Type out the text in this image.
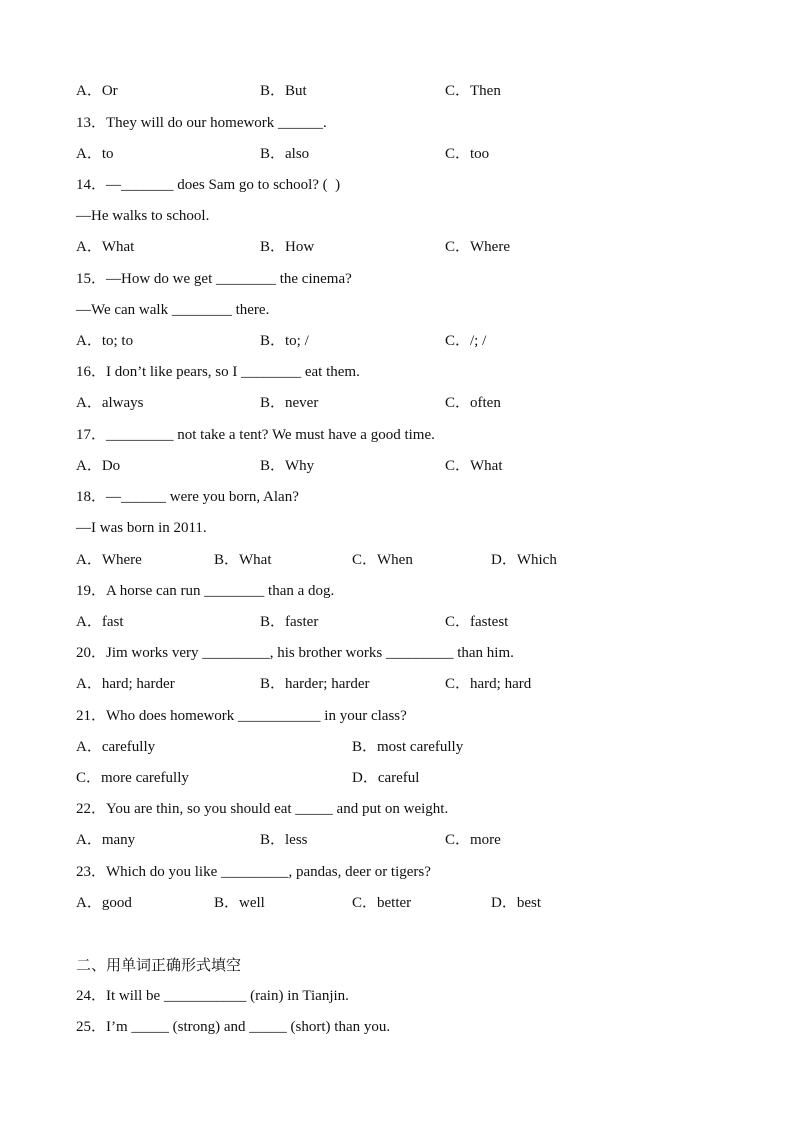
A．Or	B．But	C．Then
13．They will do our homework ______.
A．to	B．also	C．too
14．—_______ does Sam go to school? (  )
—He walks to school.
A．What	B．How	C．Where
15．—How do we get ________ the cinema?
—We can walk ________ there.
A．to; to	B．to; /	C．/; /
16．I don’t like pears, so I ________ eat them.
A．always	B．never	C．often
17．_________ not take a tent? We must have a good time.
A．Do	B．Why	C．What
18．—______ were you born, Alan?
—I was born in 2011.
A．Where	B．What	C．When	D．Which
19．A horse can run ________ than a dog.
A．fast	B．faster	C．fastest
20．Jim works very _________, his brother works _________ than him.
A．hard; harder	B．harder; harder	C．hard; hard
21．Who does homework ___________ in your class?
A．carefully	B．most carefully
C．more carefully	D．careful
22．You are thin, so you should eat _____ and put on weight.
A．many	B．less	C．more
23．Which do you like _________, pandas, deer or tigers?
A．good	B．well	C．better	D．best
二、用单词正确形式填空
24．It will be ___________ (rain) in Tianjin.
25．I’m _____ (strong) and _____ (short) than you.
